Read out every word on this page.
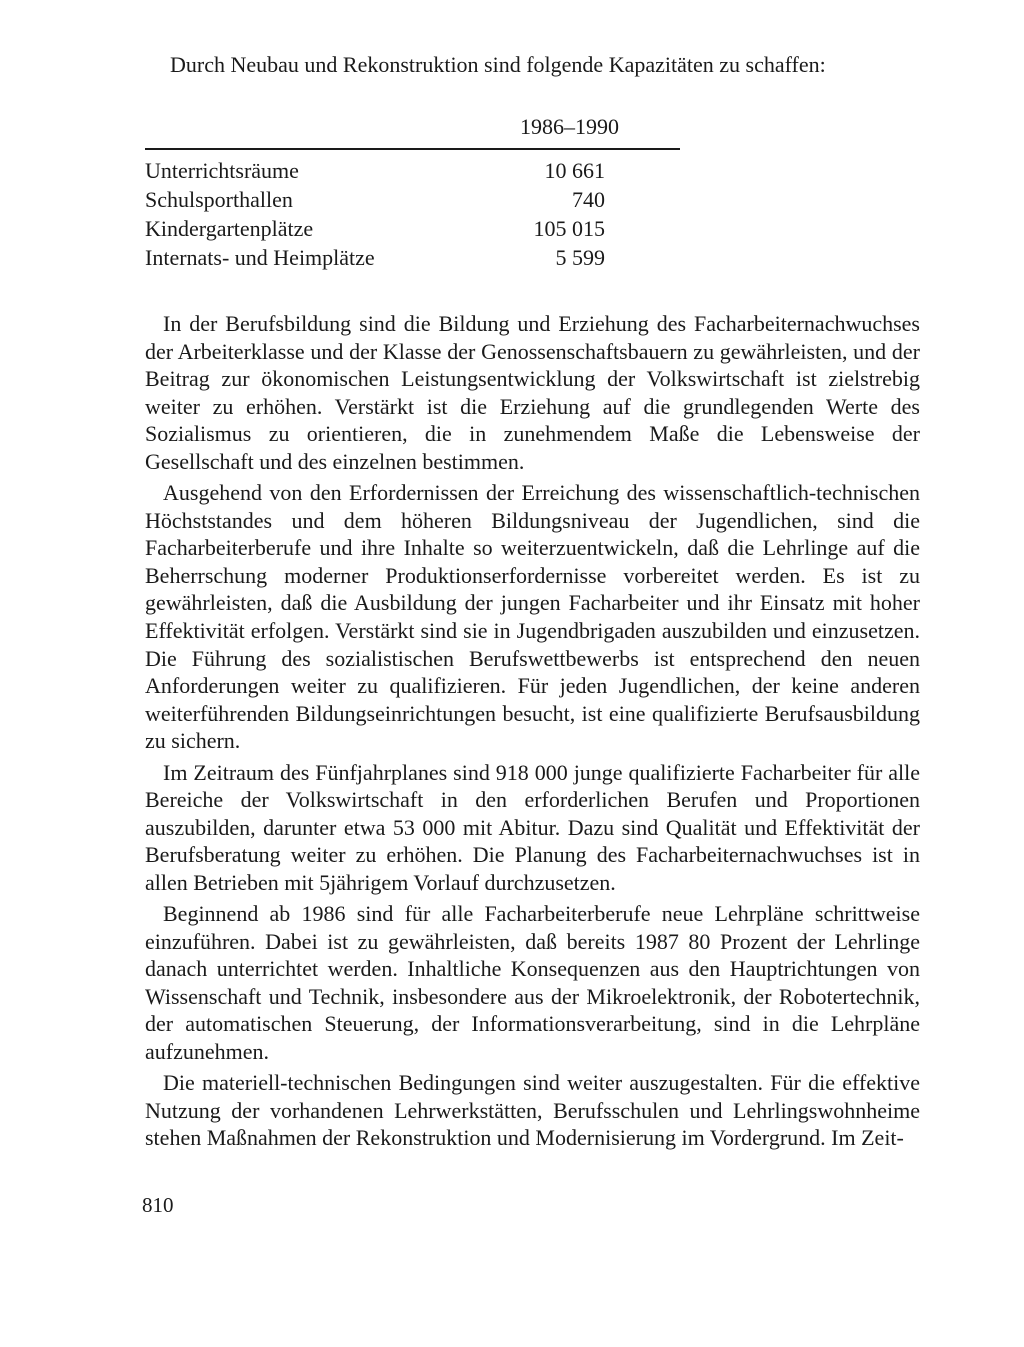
Durch Neubau und Rekonstruktion sind folgende Kapazitäten zu schaffen:

1986–1990

Unterrichtsräume	10 661
Schulsporthallen	740
Kindergartenplätze	105 015
Internats- und Heimplätze	5 599

In der Berufsbildung sind die Bildung und Erziehung des Facharbeiternachwuchses der Arbeiterklasse und der Klasse der Genossenschaftsbauern zu gewährleisten, und der Beitrag zur ökonomischen Leistungsentwicklung der Volkswirtschaft ist zielstrebig weiter zu erhöhen. Verstärkt ist die Erziehung auf die grundlegenden Werte des Sozialismus zu orientieren, die in zunehmendem Maße die Lebensweise der Gesellschaft und des einzelnen bestimmen.

Ausgehend von den Erfordernissen der Erreichung des wissenschaftlich-technischen Höchststandes und dem höheren Bildungsniveau der Jugendlichen, sind die Facharbeiterberufe und ihre Inhalte so weiterzuentwickeln, daß die Lehrlinge auf die Beherrschung moderner Produktionserfordernisse vorbereitet werden. Es ist zu gewährleisten, daß die Ausbildung der jungen Facharbeiter und ihr Einsatz mit hoher Effektivität erfolgen. Verstärkt sind sie in Jugendbrigaden auszubilden und einzusetzen. Die Führung des sozialistischen Berufswettbewerbs ist entsprechend den neuen Anforderungen weiter zu qualifizieren. Für jeden Jugendlichen, der keine anderen weiterführenden Bildungseinrichtungen besucht, ist eine qualifizierte Berufsausbildung zu sichern.

Im Zeitraum des Fünfjahrplanes sind 918 000 junge qualifizierte Facharbeiter für alle Bereiche der Volkswirtschaft in den erforderlichen Berufen und Proportionen auszubilden, darunter etwa 53 000 mit Abitur. Dazu sind Qualität und Effektivität der Berufsberatung weiter zu erhöhen. Die Planung des Facharbeiternachwuchses ist in allen Betrieben mit 5jährigem Vorlauf durchzusetzen.

Beginnend ab 1986 sind für alle Facharbeiterberufe neue Lehrpläne schrittweise einzuführen. Dabei ist zu gewährleisten, daß bereits 1987 80 Prozent der Lehrlinge danach unterrichtet werden. Inhaltliche Konsequenzen aus den Hauptrichtungen von Wissenschaft und Technik, insbesondere aus der Mikroelektronik, der Robotertechnik, der automatischen Steuerung, der Informationsverarbeitung, sind in die Lehrpläne aufzunehmen.

Die materiell-technischen Bedingungen sind weiter auszugestalten. Für die effektive Nutzung der vorhandenen Lehrwerkstätten, Berufsschulen und Lehrlingswohnheime stehen Maßnahmen der Rekonstruktion und Modernisierung im Vordergrund. Im Zeit-

810
